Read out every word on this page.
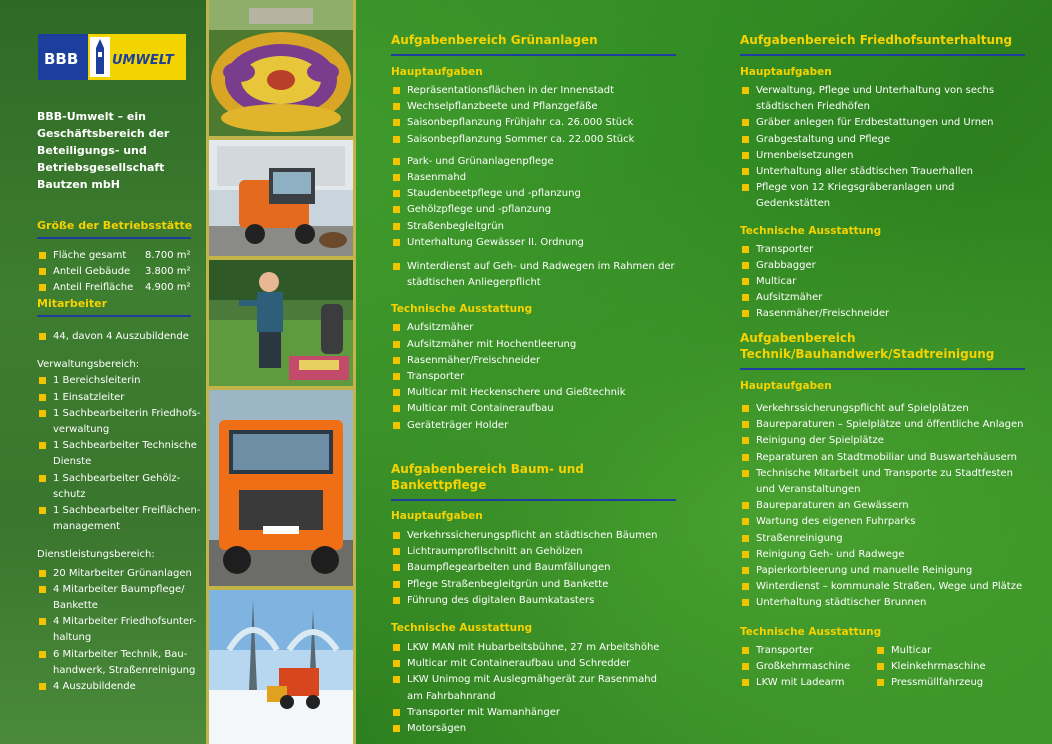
BBB	UMWELT
BBB-Umwelt – ein Geschäftsbereich der Beteiligungs- und Betriebsgesellschaft Bautzen mbH
Größe der Betriebsstätte
Fläche gesamt	8.700 m²
Anteil Gebäude	3.800 m²
Anteil Freifläche	4.900 m²
Mitarbeiter
44, davon 4 Auszubildende
Verwaltungsbereich:
1 Bereichsleiterin
1 Einsatzleiter
1 Sachbearbeiterin Friedhofs-verwaltung
1 Sachbearbeiter Technische Dienste
1 Sachbearbeiter Gehölz-schutz
1 Sachbearbeiter Freiflächen-management
Dienstleistungsbereich:
20 Mitarbeiter Grünanlagen
4 Mitarbeiter Baumpflege/ Bankette
4 Mitarbeiter Friedhofsunter-haltung
6 Mitarbeiter Technik, Bau-handwerk, Straßenreinigung
4 Auszubildende
Aufgabenbereich Grünanlagen
Hauptaufgaben
Repräsentationsflächen in der Innenstadt
Wechselpflanzbeete und Pflanzgefäße
Saisonbepflanzung Frühjahr ca. 26.000 Stück
Saisonbepflanzung Sommer ca. 22.000 Stück
Park- und Grünanlagenpflege
Rasenmahd
Staudenbeetpflege und -pflanzung
Gehölzpflege und -pflanzung
Straßenbegleitgrün
Unterhaltung Gewässer II. Ordnung
Winterdienst auf Geh- und Radwegen im Rahmen der städtischen Anliegerpflicht
Technische Ausstattung
Aufsitzmäher
Aufsitzmäher mit Hochentleerung
Rasenmäher/Freischneider
Transporter
Multicar mit Heckenschere und Gießtechnik
Multicar mit Containeraufbau
Geräteträger Holder
Aufgabenbereich Baum- und Bankettpflege
Hauptaufgaben
Verkehrssicherungspflicht an städtischen Bäumen
Lichtraumprofilschnitt an Gehölzen
Baumpflegearbeiten und Baumfällungen
Pflege Straßenbegleitgrün und Bankette
Führung des digitalen Baumkatasters
Technische Ausstattung
LKW MAN mit Hubarbeitsbühne, 27 m Arbeitshöhe
Multicar mit Containeraufbau und Schredder
LKW Unimog mit Auslegmähgerät zur Rasenmahd am Fahrbahnrand
Transporter mit Wamanhänger
Motorsägen
Aufgabenbereich Friedhofsunterhaltung
Hauptaufgaben
Verwaltung, Pflege und Unterhaltung von sechs städtischen Friedhöfen
Gräber anlegen für Erdbestattungen und Urnen
Grabgestaltung und Pflege
Urnenbeisetzungen
Unterhaltung aller städtischen Trauerhallen
Pflege von 12 Kriegsgräberanlagen und Gedenkstätten
Technische Ausstattung
Transporter
Grabbagger
Multicar
Aufsitzmäher
Rasenmäher/Freischneider
Aufgabenbereich
Technik/Bauhandwerk/Stadtreinigung
Hauptaufgaben
Verkehrssicherungspflicht auf Spielplätzen
Baureparaturen – Spielplätze und öffentliche Anlagen
Reinigung der Spielplätze
Reparaturen an Stadtmobiliar und Buswartehäusern
Technische Mitarbeit und Transporte zu Stadtfesten und Veranstaltungen
Baureparaturen an Gewässern
Wartung des eigenen Fuhrparks
Straßenreinigung
Reinigung Geh- und Radwege
Papierkorbleerung und manuelle Reinigung
Winterdienst – kommunale Straßen, Wege und Plätze
Unterhaltung städtischer Brunnen
Technische Ausstattung
Transporter
Großkehrmaschine
LKW mit Ladearm
Multicar
Kleinkehrmaschine
Pressmüllfahrzeug
